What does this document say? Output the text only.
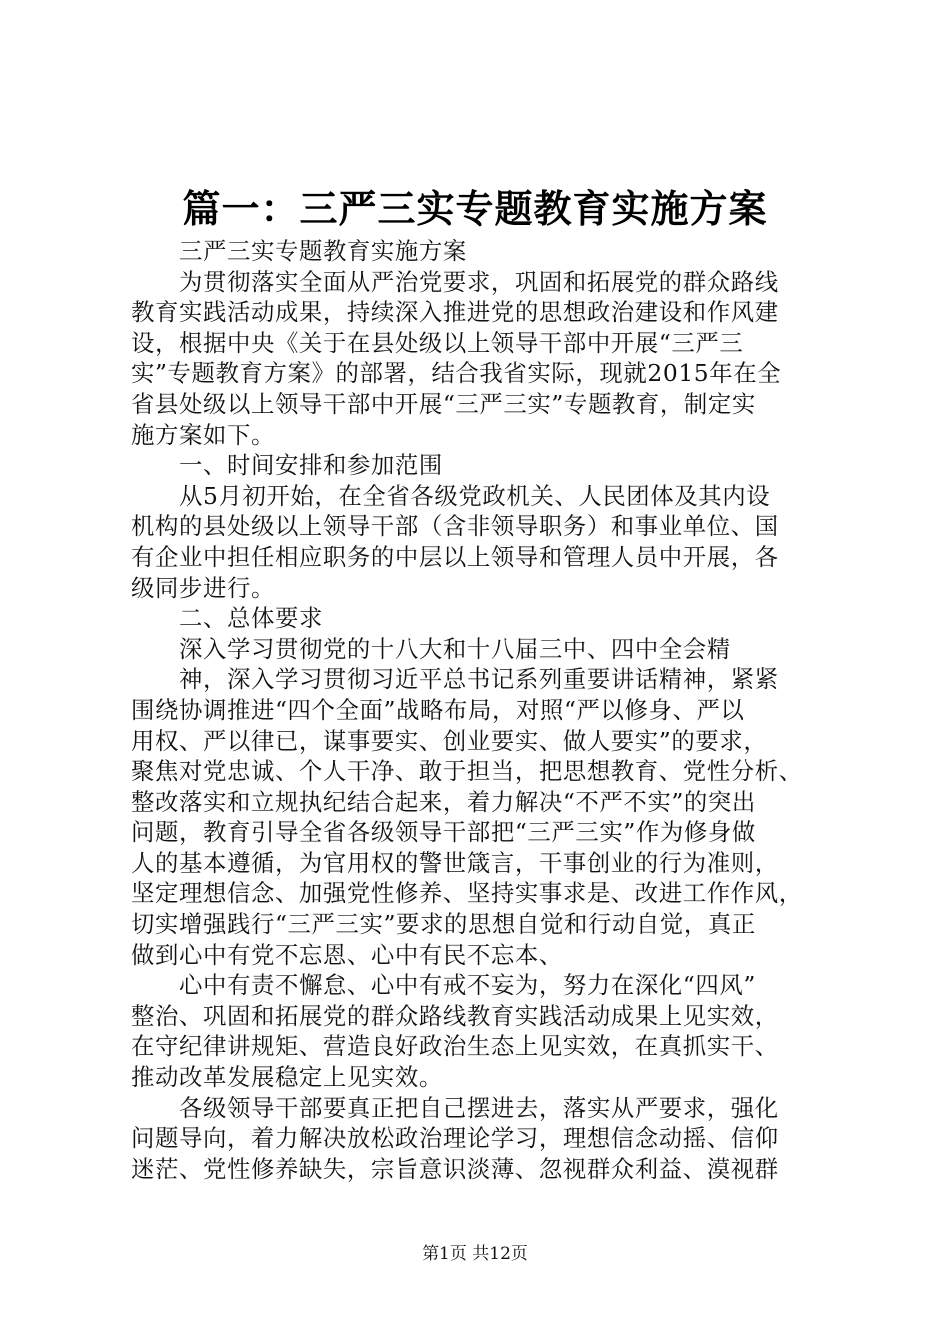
篇一：三严三实专题教育实施方案
三严三实专题教育实施方案
为贯彻落实全面从严治党要求，巩固和拓展党的群众路线
教育实践活动成果，持续深入推进党的思想政治建设和作风建
设，根据中央《关于在县处级以上领导干部中开展“三严三
实”专题教育方案》的部署，结合我省实际，现就2015年在全
省县处级以上领导干部中开展“三严三实”专题教育，制定实
施方案如下。
一、时间安排和参加范围
从5月初开始，在全省各级党政机关、人民团体及其内设
机构的县处级以上领导干部（含非领导职务）和事业单位、国
有企业中担任相应职务的中层以上领导和管理人员中开展，各
级同步进行。
二、总体要求
深入学习贯彻党的十八大和十八届三中、四中全会精
神，深入学习贯彻习近平总书记系列重要讲话精神，紧紧
围绕协调推进“四个全面”战略布局，对照“严以修身、严以
用权、严以律已，谋事要实、创业要实、做人要实”的要求，
聚焦对党忠诚、个人干净、敢于担当，把思想教育、党性分析、
整改落实和立规执纪结合起来，着力解决“不严不实”的突出
问题，教育引导全省各级领导干部把“三严三实”作为修身做
人的基本遵循，为官用权的警世箴言，干事创业的行为准则，
坚定理想信念、加强党性修养、坚持实事求是、改进工作作风，
切实增强践行“三严三实”要求的思想自觉和行动自觉，真正
做到心中有党不忘恩、心中有民不忘本、
心中有责不懈怠、心中有戒不妄为，努力在深化“四风”
整治、巩固和拓展党的群众路线教育实践活动成果上见实效，
在守纪律讲规矩、营造良好政治生态上见实效，在真抓实干、
推动改革发展稳定上见实效。
各级领导干部要真正把自己摆进去，落实从严要求，强化
问题导向，着力解决放松政治理论学习，理想信念动摇、信仰
迷茫、党性修养缺失，宗旨意识淡薄、忽视群众利益、漠视群
第1页 共12页
